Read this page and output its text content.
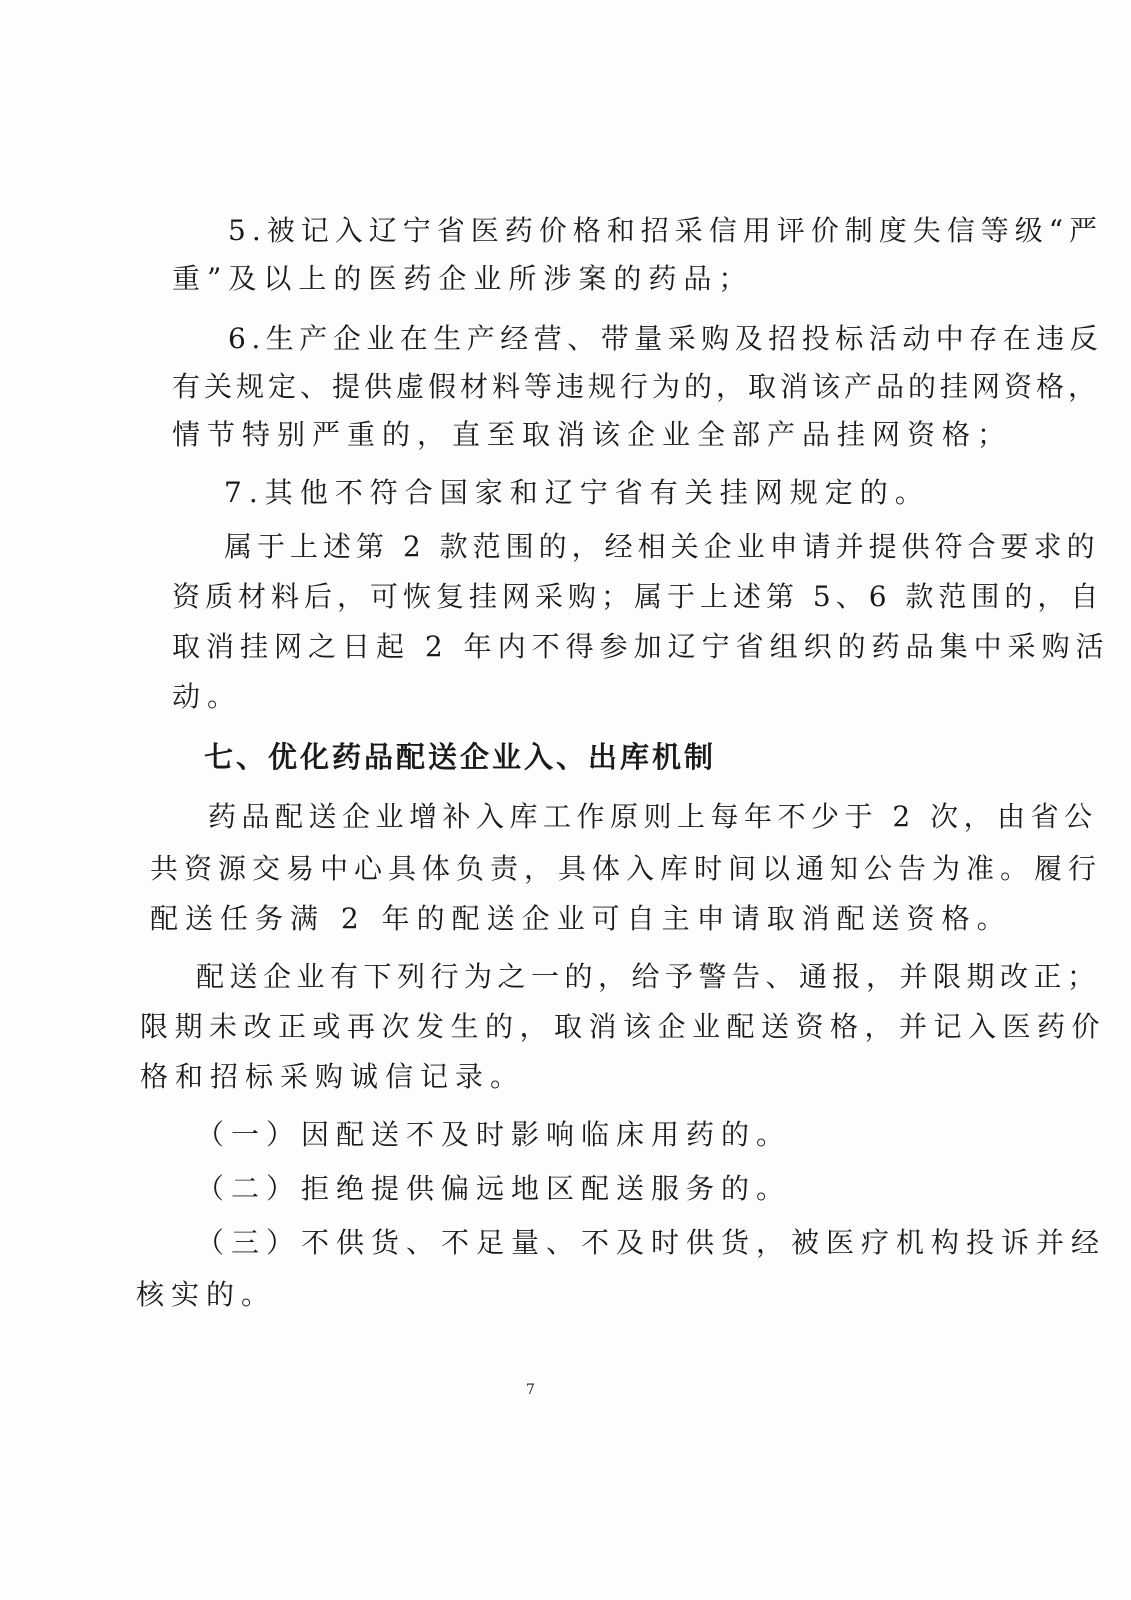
5.被记入辽宁省医药价格和招采信用评价制度失信等级“严
重”及以上的医药企业所涉案的药品；
6.生产企业在生产经营、带量采购及招投标活动中存在违反
有关规定、提供虚假材料等违规行为的，取消该产品的挂网资格，
情节特别严重的，直至取消该企业全部产品挂网资格；
7.其他不符合国家和辽宁省有关挂网规定的。
属于上述第 2 款范围的，经相关企业申请并提供符合要求的
资质材料后，可恢复挂网采购；属于上述第 5、6 款范围的，自
取消挂网之日起 2 年内不得参加辽宁省组织的药品集中采购活
动。
七、优化药品配送企业入、出库机制
药品配送企业增补入库工作原则上每年不少于 2 次，由省公
共资源交易中心具体负责，具体入库时间以通知公告为准。履行
配送任务满 2 年的配送企业可自主申请取消配送资格。
配送企业有下列行为之一的，给予警告、通报，并限期改正；
限期未改正或再次发生的，取消该企业配送资格，并记入医药价
格和招标采购诚信记录。
（一）因配送不及时影响临床用药的。
（二）拒绝提供偏远地区配送服务的。
（三）不供货、不足量、不及时供货，被医疗机构投诉并经
核实的。
7
